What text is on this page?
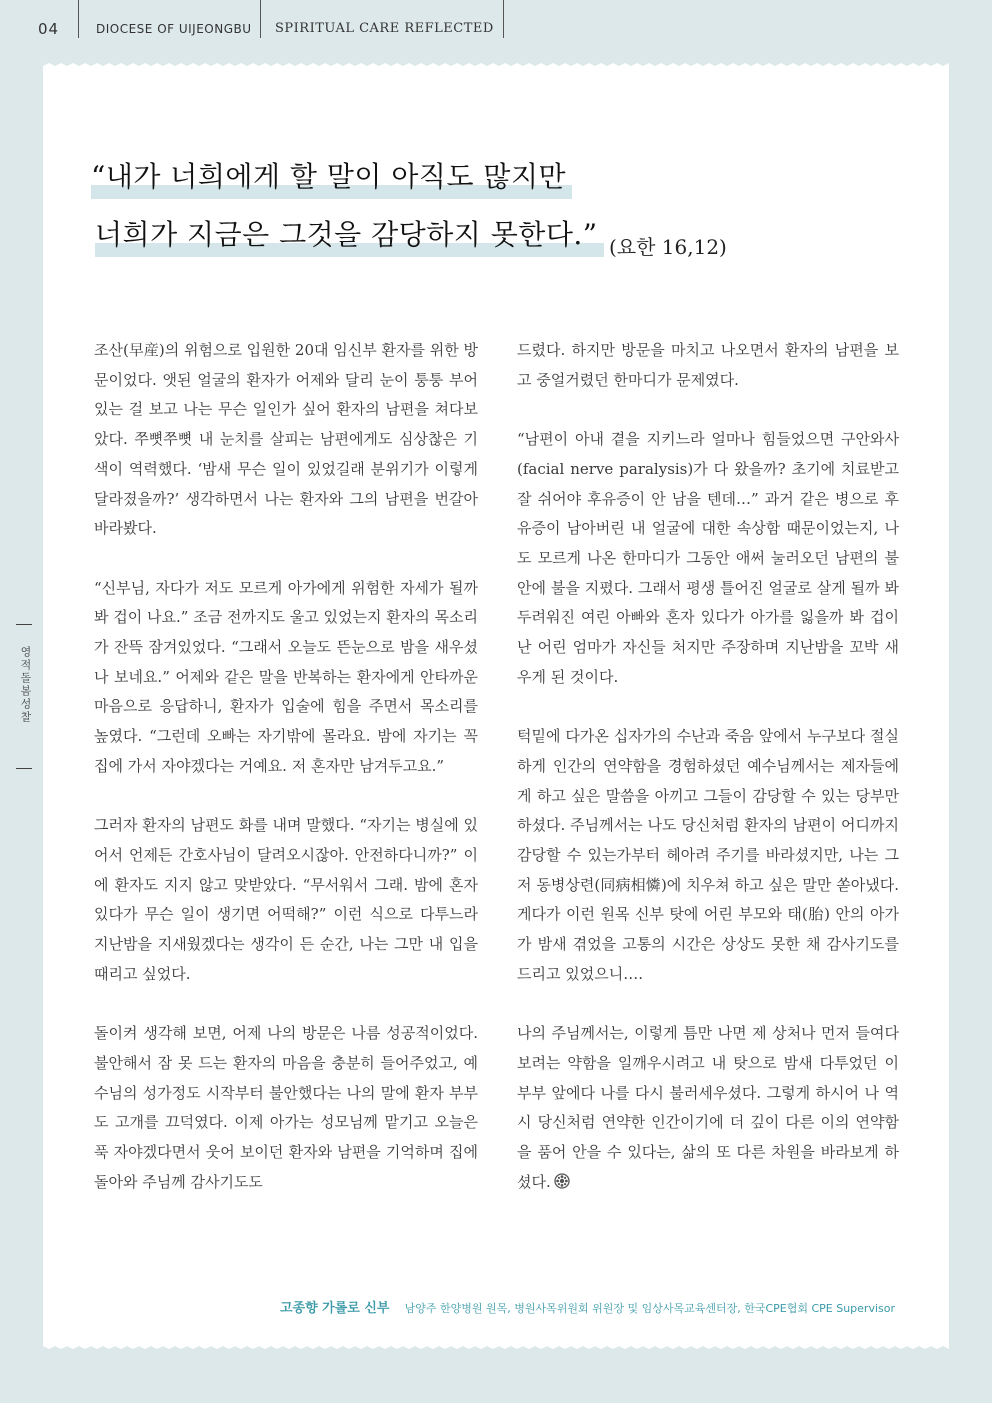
04	DIOCESE OF UIJEONGBU SPIRITUAL CARE REFLECTED
영적돌봄성찰
“내가 너희에게 할 말이 아직도 많지만
너희가 지금은 그것을 감당하지 못한다.” (요한 16,12)

조산(早産)의 위험으로 입원한 20대 임신부 환자를 위한 방문이었다. 앳된 얼굴의 환자가 어제와 달리 눈이 퉁퉁 부어 있는 걸 보고 나는 무슨 일인가 싶어 환자의 남편을 쳐다보았다. 쭈뼛쭈뼛 내 눈치를 살피는 남편에게도 심상찮은 기색이 역력했다. ‘밤새 무슨 일이 있었길래 분위기가 이렇게 달라졌을까?’ 생각하면서 나는 환자와 그의 남편을 번갈아 바라봤다.

“신부님, 자다가 저도 모르게 아가에게 위험한 자세가 될까 봐 겁이 나요.” 조금 전까지도 울고 있었는지 환자의 목소리가 잔뜩 잠겨있었다. “그래서 오늘도 뜬눈으로 밤을 새우셨나 보네요.” 어제와 같은 말을 반복하는 환자에게 안타까운 마음으로 응답하니, 환자가 입술에 힘을 주면서 목소리를 높였다. “그런데 오빠는 자기밖에 몰라요. 밤에 자기는 꼭 집에 가서 자야겠다는 거예요. 저 혼자만 남겨두고요.”

그러자 환자의 남편도 화를 내며 말했다. “자기는 병실에 있어서 언제든 간호사님이 달려오시잖아. 안전하다니까?” 이에 환자도 지지 않고 맞받았다. “무서워서 그래. 밤에 혼자 있다가 무슨 일이 생기면 어떡해?” 이런 식으로 다투느라 지난밤을 지새웠겠다는 생각이 든 순간, 나는 그만 내 입을 때리고 싶었다.

돌이켜 생각해 보면, 어제 나의 방문은 나름 성공적이었다. 불안해서 잠 못 드는 환자의 마음을 충분히 들어주었고, 예수님의 성가정도 시작부터 불안했다는 나의 말에 환자 부부도 고개를 끄덕였다. 이제 아가는 성모님께 맡기고 오늘은 푹 자야겠다면서 웃어 보이던 환자와 남편을 기억하며 집에 돌아와 주님께 감사기도도

드렸다. 하지만 방문을 마치고 나오면서 환자의 남편을 보고 중얼거렸던 한마디가 문제였다.

“남편이 아내 곁을 지키느라 얼마나 힘들었으면 구안와사(facial nerve paralysis)가 다 왔을까? 초기에 치료받고 잘 쉬어야 후유증이 안 남을 텐데…” 과거 같은 병으로 후유증이 남아버린 내 얼굴에 대한 속상함 때문이었는지, 나도 모르게 나온 한마디가 그동안 애써 눌러오던 남편의 불안에 불을 지폈다. 그래서 평생 틀어진 얼굴로 살게 될까 봐 두려워진 여린 아빠와 혼자 있다가 아가를 잃을까 봐 겁이 난 어린 엄마가 자신들 처지만 주장하며 지난밤을 꼬박 새우게 된 것이다.

턱밑에 다가온 십자가의 수난과 죽음 앞에서 누구보다 절실하게 인간의 연약함을 경험하셨던 예수님께서는 제자들에게 하고 싶은 말씀을 아끼고 그들이 감당할 수 있는 당부만 하셨다. 주님께서는 나도 당신처럼 환자의 남편이 어디까지 감당할 수 있는가부터 헤아려 주기를 바라셨지만, 나는 그저 동병상련(同病相憐)에 치우쳐 하고 싶은 말만 쏟아냈다. 게다가 이런 원목 신부 탓에 어린 부모와 태(胎) 안의 아가가 밤새 겪었을 고통의 시간은 상상도 못한 채 감사기도를 드리고 있었으니….

나의 주님께서는, 이렇게 틈만 나면 제 상처나 먼저 들여다보려는 약함을 일깨우시려고 내 탓으로 밤새 다투었던 이 부부 앞에다 나를 다시 불러세우셨다. 그렇게 하시어 나 역시 당신처럼 연약한 인간이기에 더 깊이 다른 이의 연약함을 품어 안을 수 있다는, 삶의 또 다른 차원을 바라보게 하셨다.

고종향 가롤로 신부 남양주 한양병원 원목, 병원사목위원회 위원장 및 임상사목교육센터장, 한국CPE협회 CPE Supervisor
